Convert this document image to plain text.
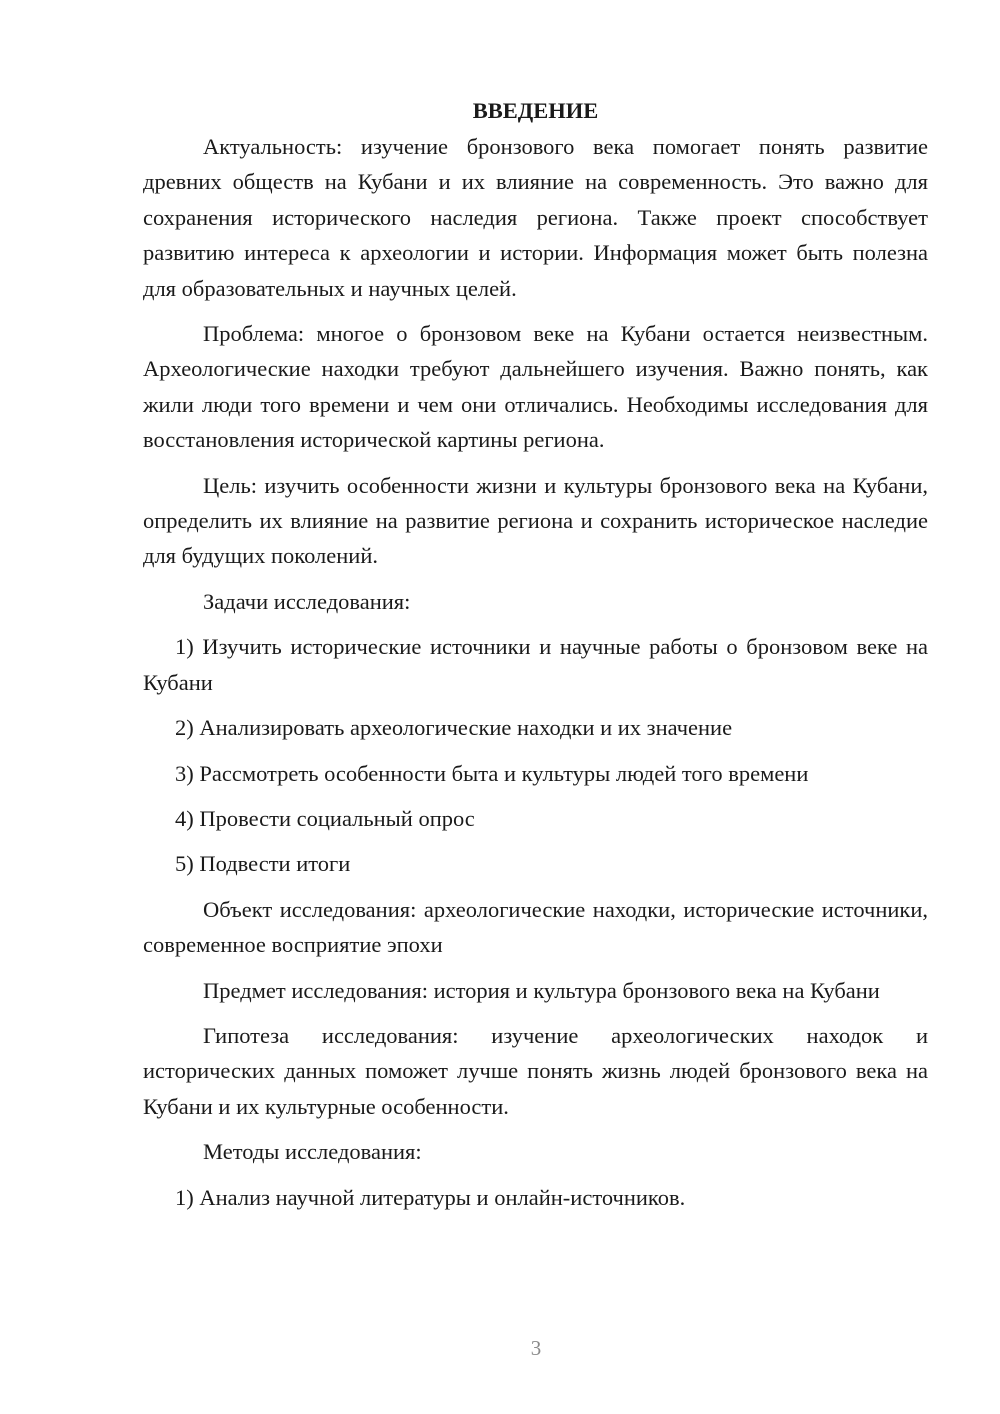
ВВЕДЕНИЕ

Актуальность: изучение бронзового века помогает понять развитие древних обществ на Кубани и их влияние на современность. Это важно для сохранения исторического наследия региона. Также проект способствует развитию интереса к археологии и истории. Информация может быть полезна для образовательных и научных целей.

Проблема: многое о бронзовом веке на Кубани остается неизвестным. Археологические находки требуют дальнейшего изучения. Важно понять, как жили люди того времени и чем они отличались. Необходимы исследования для восстановления исторической картины региона.

Цель: изучить особенности жизни и культуры бронзового века на Кубани, определить их влияние на развитие региона и сохранить историческое наследие для будущих поколений.

Задачи исследования:

1) Изучить исторические источники и научные работы о бронзовом веке на Кубани

2) Анализировать археологические находки и их значение

3) Рассмотреть особенности быта и культуры людей того времени

4) Провести социальный опрос

5) Подвести итоги

Объект исследования: археологические находки, исторические источники, современное восприятие эпохи

Предмет исследования: история и культура бронзового века на Кубани

Гипотеза исследования: изучение археологических находок и исторических данных поможет лучше понять жизнь людей бронзового века на Кубани и их культурные особенности.

Методы исследования:

1) Анализ научной литературы и онлайн-источников.

3
